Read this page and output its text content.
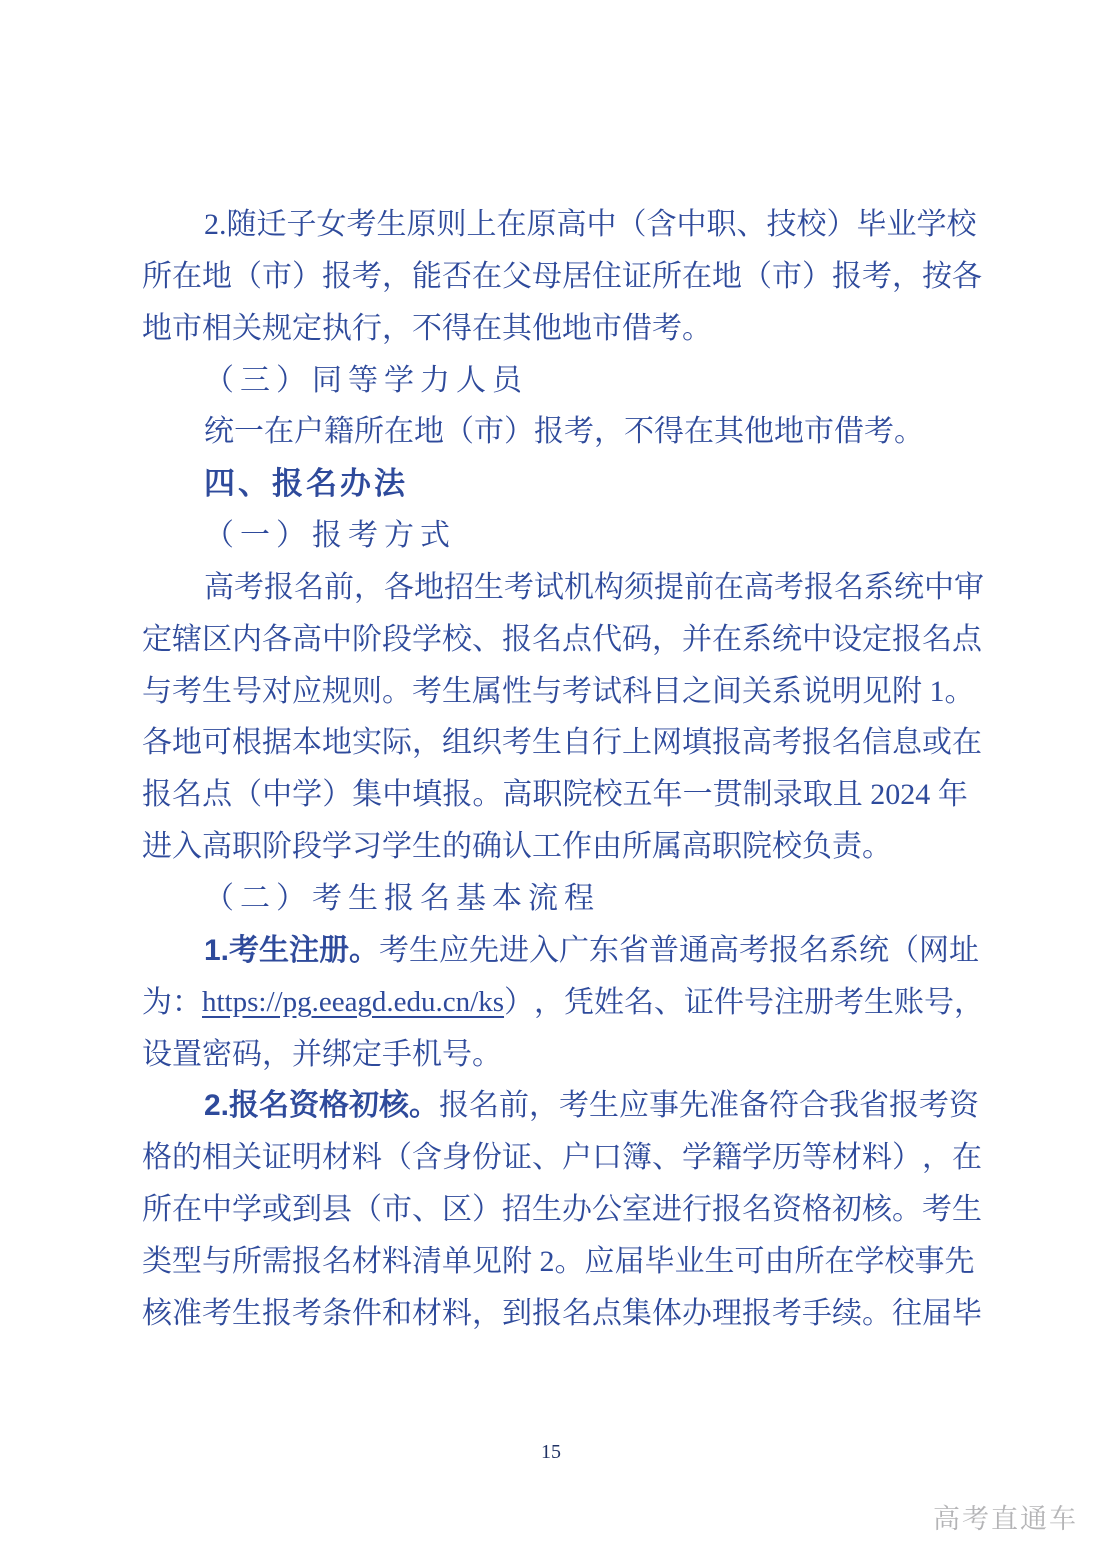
2. 随 迁 子 女 考 生 原 则 上 在 原 高 中 （ 含 中 职 、 技 校 ） 毕 业 学 校
所 在 地 （ 市 ） 报 考 ， 能 否 在 父 母 居 住 证 所 在 地 （ 市 ） 报 考 ， 按 各
地市相关规定执行，不得在其他地市借考。
（三）同等学力人员
统一在户籍所在地（市）报考，不得在其他地市借考。
四、报名办法
（一）报考方式
高 考 报 名 前 ， 各 地 招 生 考 试 机 构 须 提 前 在 高 考 报 名 系 统 中 审
定 辖 区 内 各 高 中 阶 段 学 校 、 报 名 点 代 码 ， 并 在 系 统 中 设 定 报 名 点
与 考 生 号 对 应 规 则 。 考 生 属 性 与 考 试 科 目 之 间 关 系 说 明 见 附
1 。
各 地 可 根 据 本 地 实 际 ， 组 织 考 生 自 行 上 网 填 报 高 考 报 名 信 息 或 在
报 名 点 （ 中 学 ） 集 中 填 报 。 高 职 院 校 五 年 一 贯 制 录 取 且
2024
年
进入高职阶段学习学生的确认工作由所属高职院校负责。
（二）考生报名基本流程
1. 考 生 注 册 。 考 生 应 先 进 入 广 东 省 普 通 高 考 报 名 系 统 （ 网 址
为 ： https://pg.eeagd.edu.cn/ks ） ， 凭 姓 名 、 证 件 号 注 册 考 生 账 号 ，
设置密码，并绑定手机号。
2. 报 名 资 格 初 核 。 报 名 前 ， 考 生 应 事 先 准 备 符 合 我 省 报 考 资
格 的 相 关 证 明 材 料 （ 含 身 份 证 、 户 口 簿 、 学 籍 学 历 等 材 料 ） ， 在
所 在 中 学 或 到 县 （ 市 、 区 ） 招 生 办 公 室 进 行 报 名 资 格 初 核 。 考 生
类 型 与 所 需 报 名 材 料 清 单 见 附
2 。 应 届 毕 业 生 可 由 所 在 学 校 事 先
核 准 考 生 报 考 条 件 和 材 料 ， 到 报 名 点 集 体 办 理 报 考 手 续 。 往 届 毕
15
高考直通车
